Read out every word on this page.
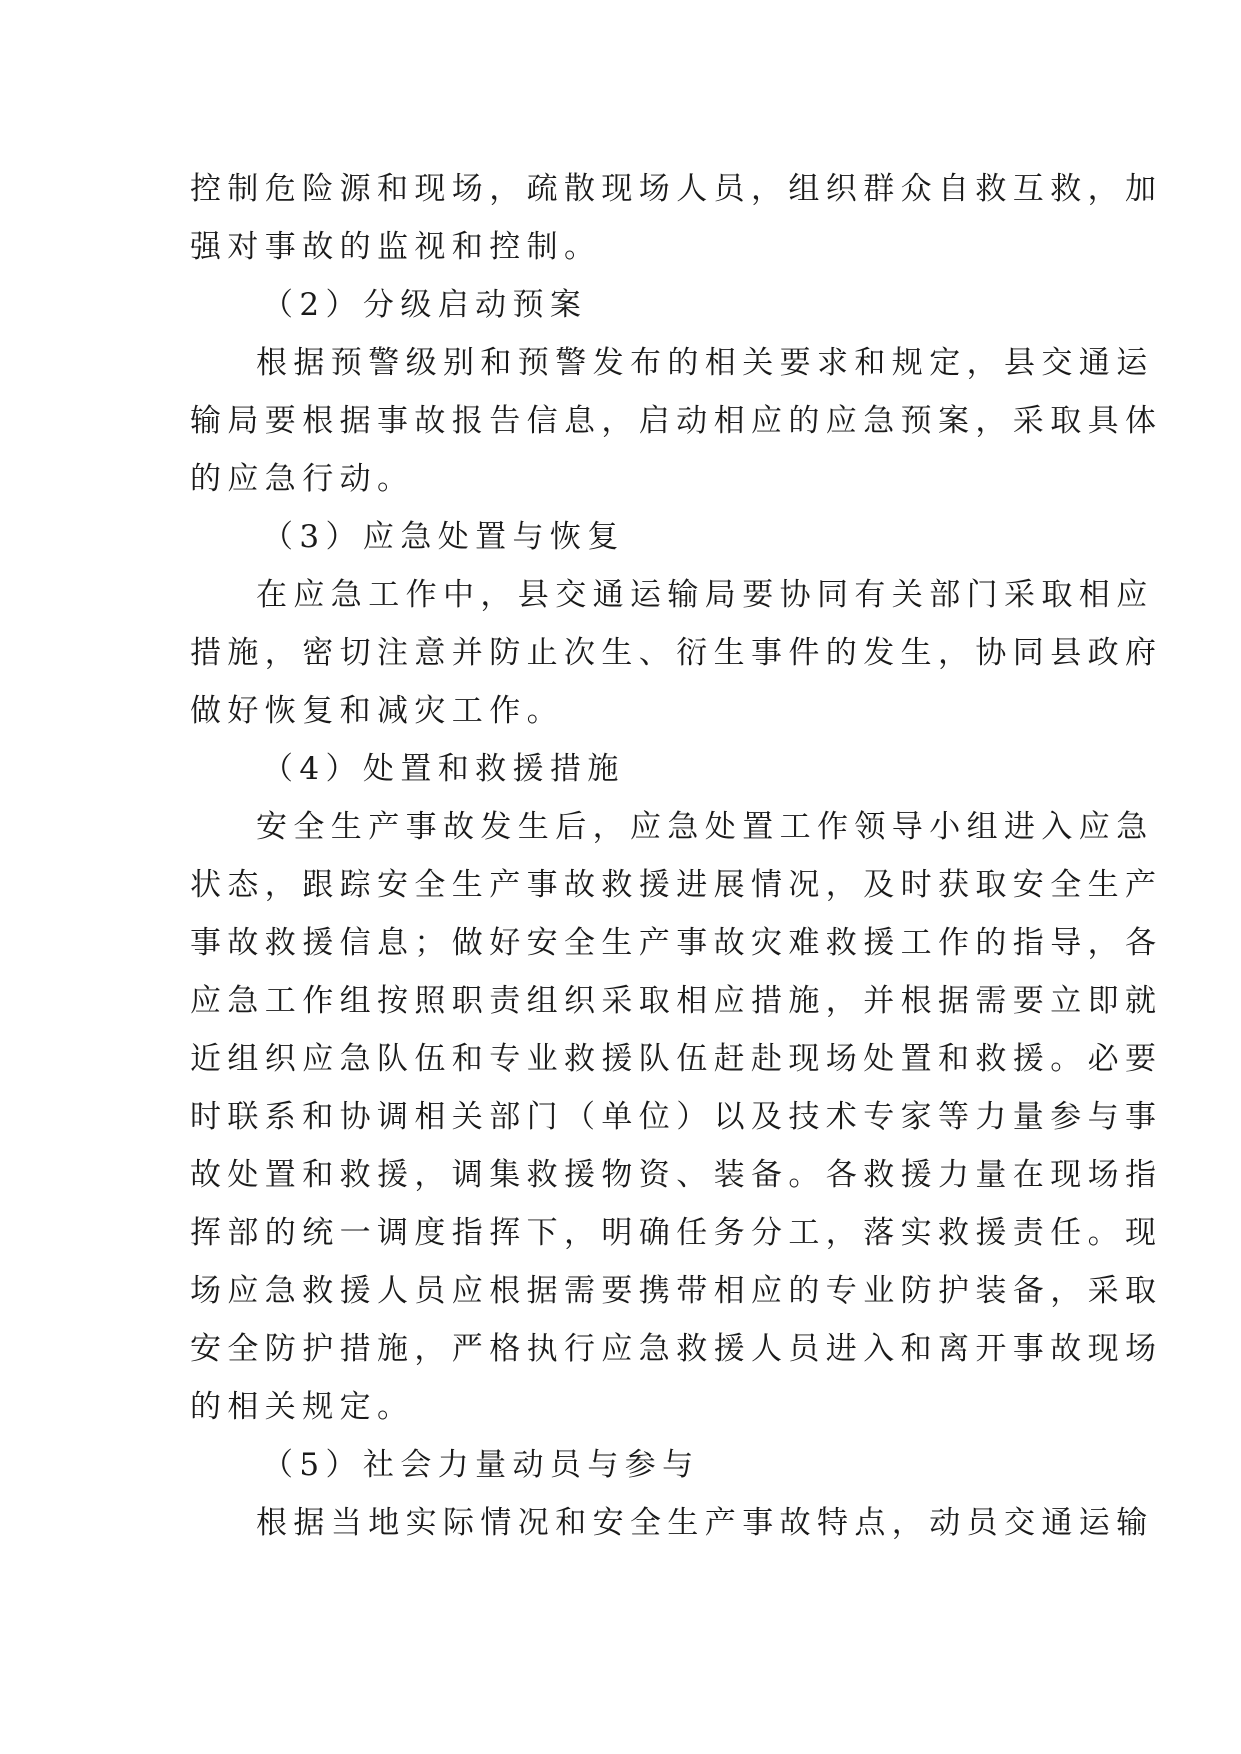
控制危险源和现场，疏散现场人员，组织群众自救互救，加
强对事故的监视和控制。
（2）分级启动预案
根据预警级别和预警发布的相关要求和规定，县交通运
输局要根据事故报告信息，启动相应的应急预案，采取具体
的应急行动。
（3）应急处置与恢复
在应急工作中，县交通运输局要协同有关部门采取相应
措施，密切注意并防止次生、衍生事件的发生，协同县政府
做好恢复和减灾工作。
（4）处置和救援措施
安全生产事故发生后，应急处置工作领导小组进入应急
状态，跟踪安全生产事故救援进展情况，及时获取安全生产
事故救援信息；做好安全生产事故灾难救援工作的指导，各
应急工作组按照职责组织采取相应措施，并根据需要立即就
近组织应急队伍和专业救援队伍赶赴现场处置和救援。必要
时联系和协调相关部门（单位）以及技术专家等力量参与事
故处置和救援，调集救援物资、装备。各救援力量在现场指
挥部的统一调度指挥下，明确任务分工，落实救援责任。现
场应急救援人员应根据需要携带相应的专业防护装备，采取
安全防护措施，严格执行应急救援人员进入和离开事故现场
的相关规定。
（5）社会力量动员与参与
根据当地实际情况和安全生产事故特点，动员交通运输
